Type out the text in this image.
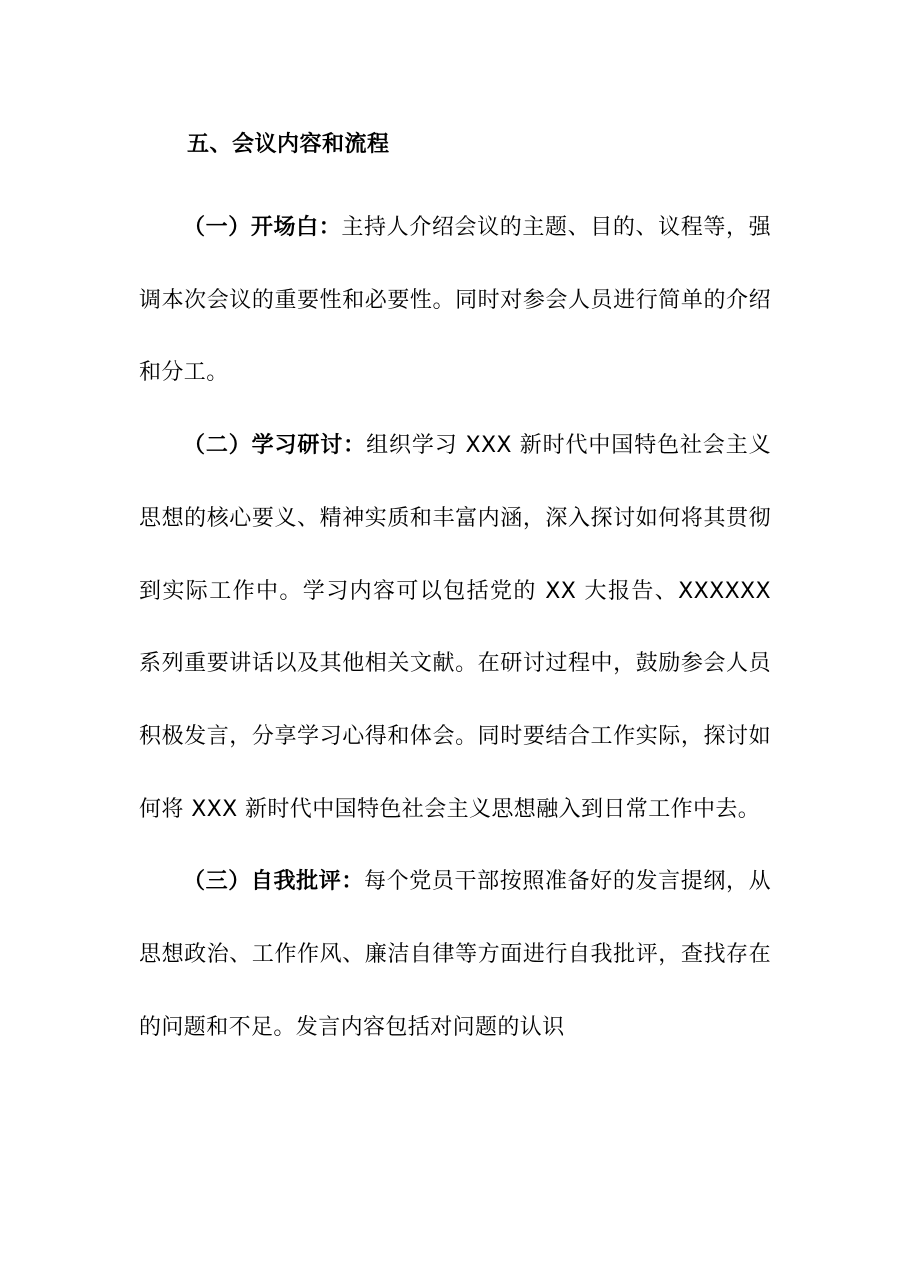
五、会议内容和流程

（一）开场白：主持人介绍会议的主题、目的、议程等，强调本次会议的重要性和必要性。同时对参会人员进行简单的介绍和分工。

（二）学习研讨：组织学习 XXX 新时代中国特色社会主义思想的核心要义、精神实质和丰富内涵，深入探讨如何将其贯彻到实际工作中。学习内容可以包括党的 XX 大报告、XXXXXX 系列重要讲话以及其他相关文献。在研讨过程中，鼓励参会人员积极发言，分享学习心得和体会。同时要结合工作实际，探讨如何将 XXX 新时代中国特色社会主义思想融入到日常工作中去。

（三）自我批评：每个党员干部按照准备好的发言提纲，从思想政治、工作作风、廉洁自律等方面进行自我批评，查找存在的问题和不足。发言内容包括对问题的认识
